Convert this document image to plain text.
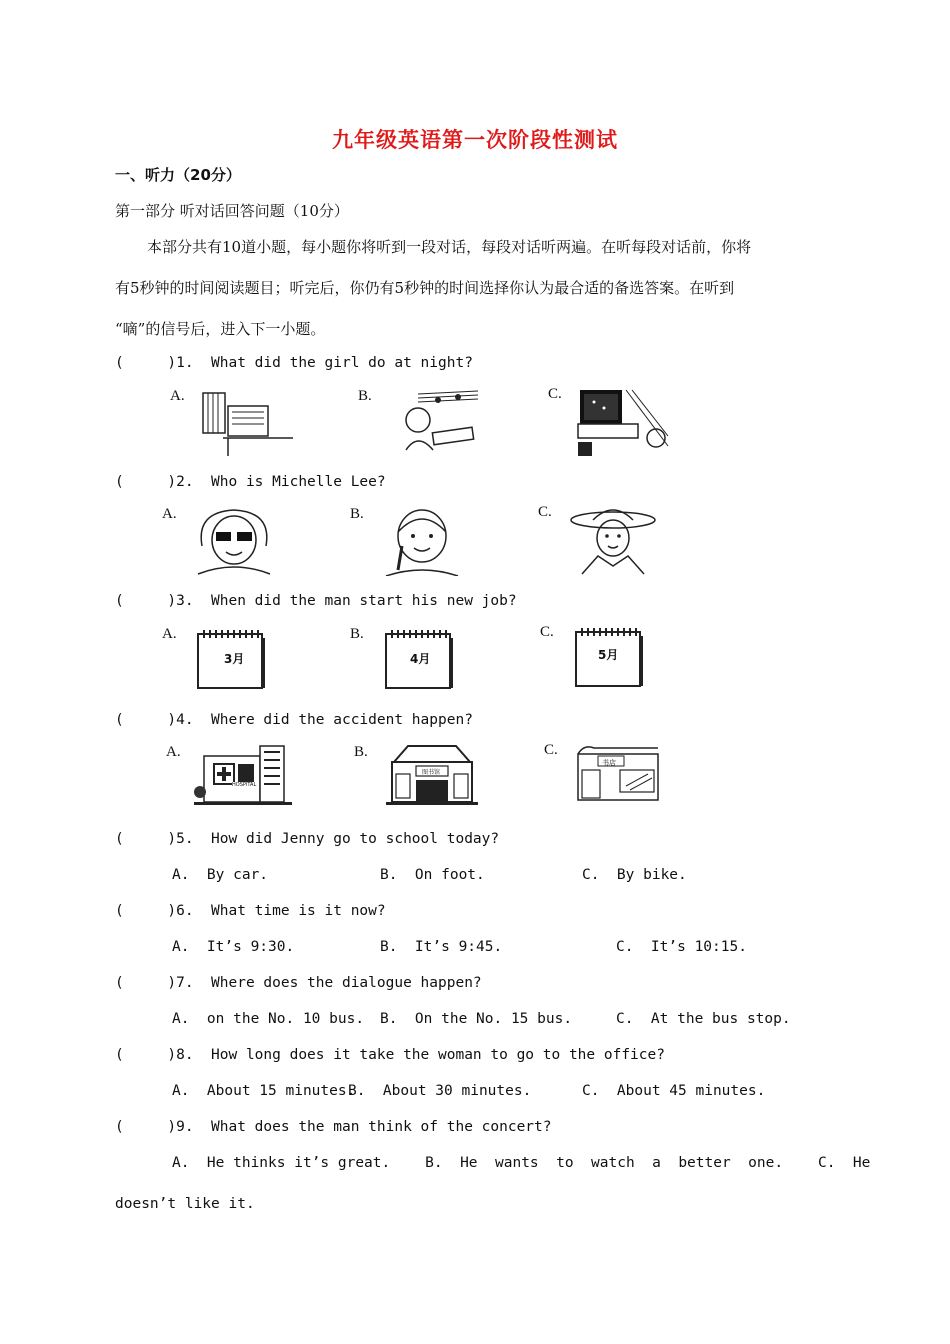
九年级英语第一次阶段性测试
一、听力（20分）
第一部分 听对话回答问题（10分）
本部分共有10道小题，每小题你将听到一段对话，每段对话听两遍。在听每段对话前，你将
有5秒钟的时间阅读题目；听完后，你仍有5秒钟的时间选择你认为最合适的备选答案。在听到
“嘀”的信号后，进入下一小题。
(     )1.  What did the girl do at night?
A.	B.	C.
(     )2.  Who is Michelle Lee?
A.	B.	C.
(     )3.  When did the man start his new job?
A.
3月
B.
4月
C.
5月
(     )4.  Where did the accident happen?
A.
HOSPITAL
B.
图书馆
C.
书店
(     )5.  How did Jenny go to school today?
A.  By car.	B.  On foot.	C.  By bike.
(     )6.  What time is it now?
A.  It’s 9:30.	B.  It’s 9:45.	C.  It’s 10:15.
(     )7.  Where does the dialogue happen?
A.  on the No. 10 bus. B.  On the No. 15 bus.	C.  At the bus stop.
(     )8.  How long does it take the woman to go to the office?
A.  About 15 minutes.
B.  About 30 minutes.	C.  About 45 minutes.
(     )9.  What does the man think of the concert?
A.  He thinks it’s great.    B.  He  wants  to  watch  a  better  one.    C.  He
doesn’t like it.
